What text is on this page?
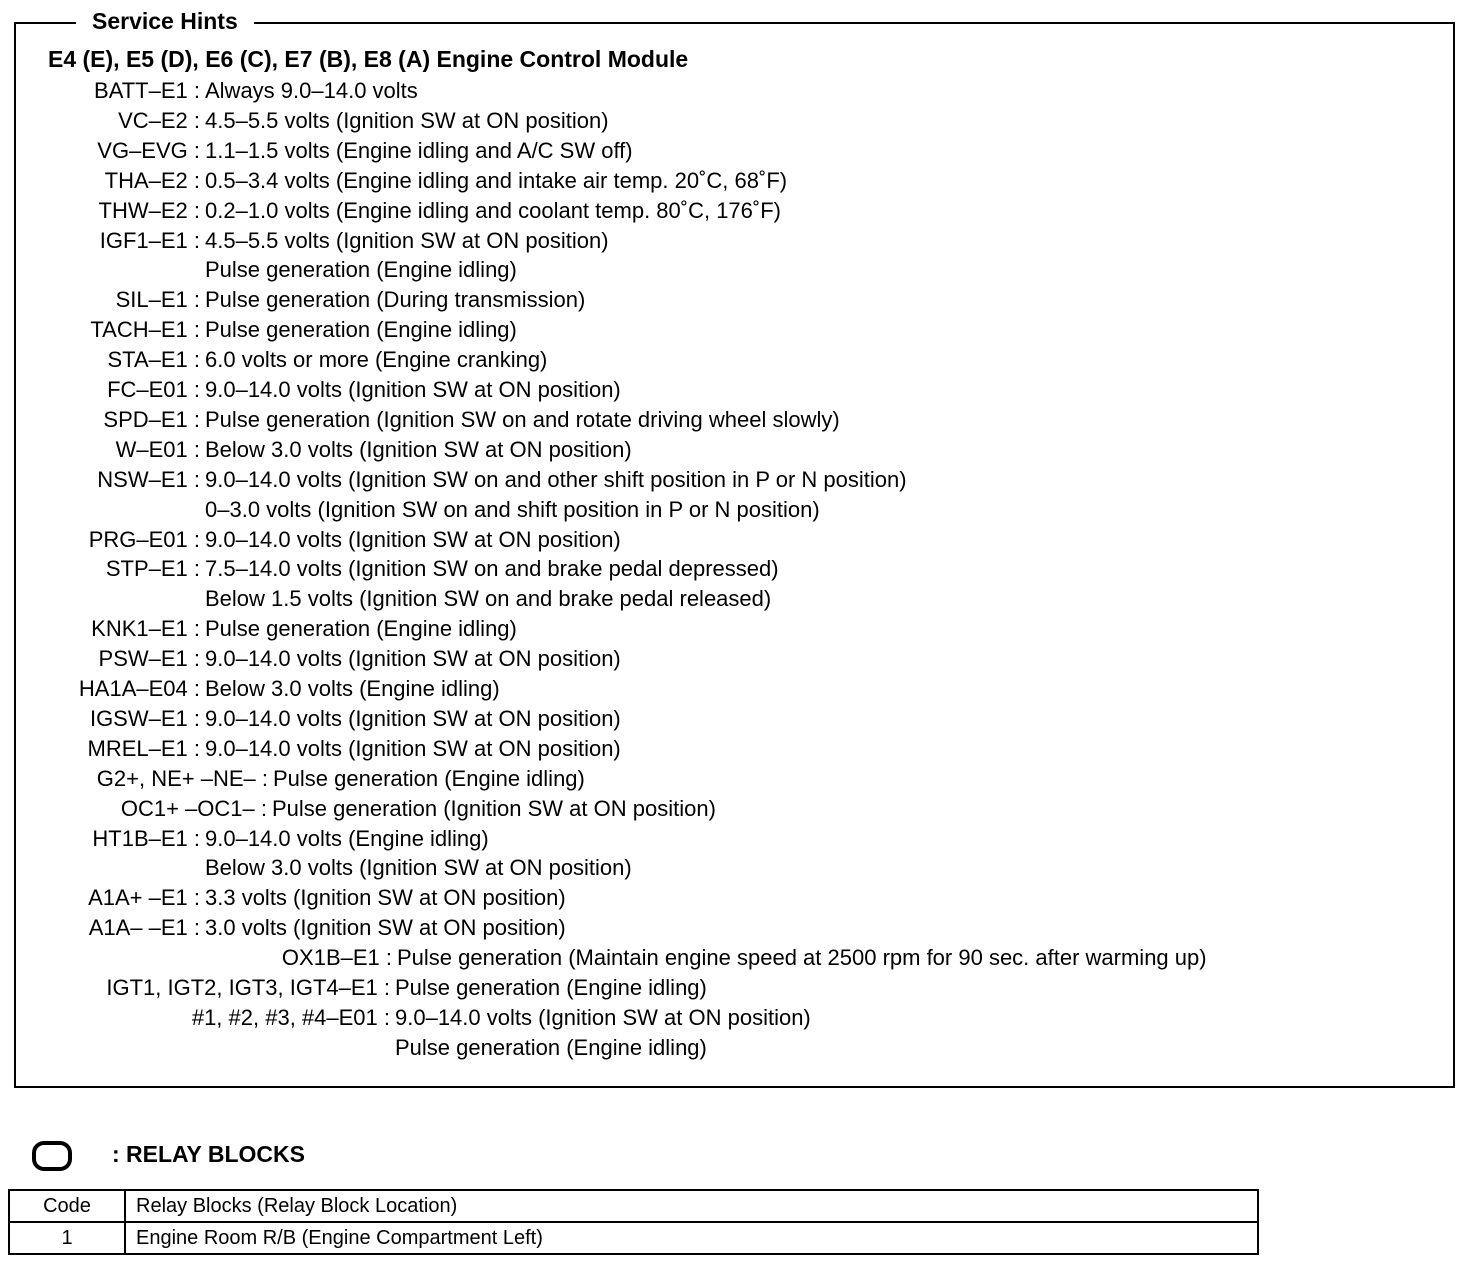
Service Hints
E4 (E), E5 (D), E6 (C), E7 (B), E8 (A) Engine Control Module
BATT–E1 : Always 9.0–14.0 volts
VC–E2 : 4.5–5.5 volts (Ignition SW at ON position)
VG–EVG : 1.1–1.5 volts (Engine idling and A/C SW off)
THA–E2 : 0.5–3.4 volts (Engine idling and intake air temp. 20˚C, 68˚F)
THW–E2 : 0.2–1.0 volts (Engine idling and coolant temp. 80˚C, 176˚F)
IGF1–E1 : 4.5–5.5 volts (Ignition SW at ON position)
Pulse generation (Engine idling)
SIL–E1 : Pulse generation (During transmission)
TACH–E1 : Pulse generation (Engine idling)
STA–E1 : 6.0 volts or more (Engine cranking)
FC–E01 : 9.0–14.0 volts (Ignition SW at ON position)
SPD–E1 : Pulse generation (Ignition SW on and rotate driving wheel slowly)
W–E01 : Below 3.0 volts (Ignition SW at ON position)
NSW–E1 : 9.0–14.0 volts (Ignition SW on and other shift position in P or N position)
0–3.0 volts (Ignition SW on and shift position in P or N position)
PRG–E01 : 9.0–14.0 volts (Ignition SW at ON position)
STP–E1 : 7.5–14.0 volts (Ignition SW on and brake pedal depressed)
Below 1.5 volts (Ignition SW on and brake pedal released)
KNK1–E1 : Pulse generation (Engine idling)
PSW–E1 : 9.0–14.0 volts (Ignition SW at ON position)
HA1A–E04 : Below 3.0 volts (Engine idling)
IGSW–E1 : 9.0–14.0 volts (Ignition SW at ON position)
MREL–E1 : 9.0–14.0 volts (Ignition SW at ON position)
G2+, NE+ –NE– : Pulse generation (Engine idling)
OC1+ –OC1– : Pulse generation (Ignition SW at ON position)
HT1B–E1 : 9.0–14.0 volts (Engine idling)
Below 3.0 volts (Ignition SW at ON position)
A1A+ –E1 : 3.3 volts (Ignition SW at ON position)
A1A– –E1 : 3.0 volts (Ignition SW at ON position)
OX1B–E1 : Pulse generation (Maintain engine speed at 2500 rpm for 90 sec. after warming up)
IGT1, IGT2, IGT3, IGT4–E1 : Pulse generation (Engine idling)
#1, #2, #3, #4–E01 : 9.0–14.0 volts (Ignition SW at ON position)
Pulse generation (Engine idling)
: RELAY BLOCKS
Code	Relay Blocks (Relay Block Location)
1	Engine Room R/B (Engine Compartment Left)
